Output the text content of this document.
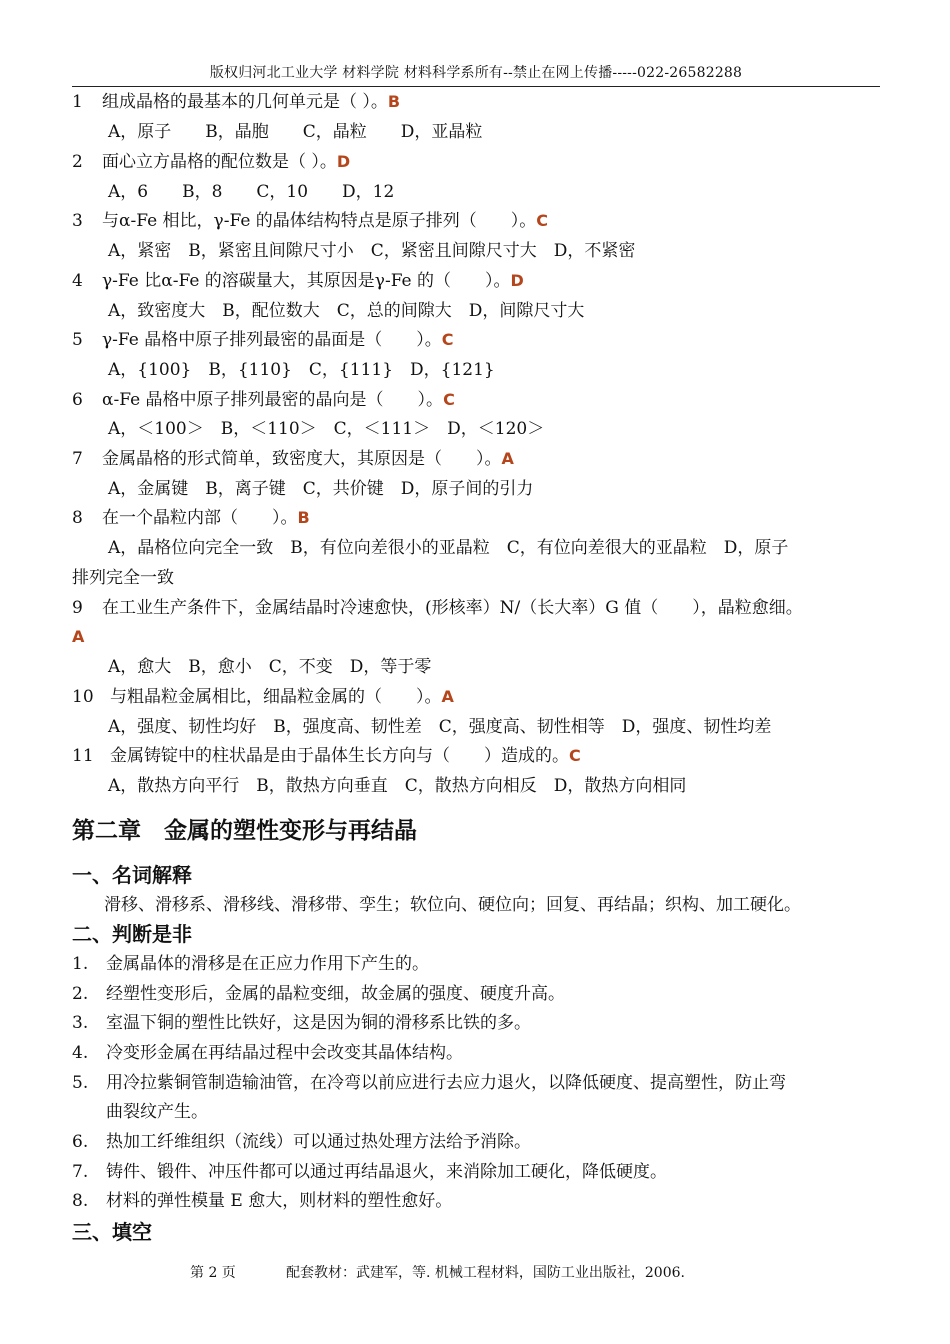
版权归河北工业大学 材料学院 材料科学系所有--禁止在网上传播-----022-26582288
1 组成晶格的最基本的几何单元是（ ）。B
A，原子　　B，晶胞　　C，晶粒　　D，亚晶粒
2 面心立方晶格的配位数是（ ）。D
A，6　　B，8　　C，10　　D，12
3 与α-Fe 相比，γ-Fe 的晶体结构特点是原子排列（　　）。C
A，紧密　B，紧密且间隙尺寸小　C，紧密且间隙尺寸大　D，不紧密
4 γ-Fe 比α-Fe 的溶碳量大，其原因是γ-Fe 的（　　）。D
A，致密度大　B，配位数大　C，总的间隙大　D，间隙尺寸大
5 γ-Fe 晶格中原子排列最密的晶面是（　　）。C
A，{100}　B，{110}　C，{111}　D，{121}
6 α-Fe 晶格中原子排列最密的晶向是（　　）。C
A，＜100＞　B，＜110＞　C，＜111＞　D，＜120＞
7 金属晶格的形式简单，致密度大，其原因是（　　）。A
A，金属键　B，离子键　C，共价键　D，原子间的引力
8 在一个晶粒内部（　　）。B
A，晶格位向完全一致　B，有位向差很小的亚晶粒　C，有位向差很大的亚晶粒　D，原子
排列完全一致
9 在工业生产条件下，金属结晶时冷速愈快，(形核率）N/（长大率）G 值（　　），晶粒愈细。
A
A，愈大　B，愈小　C，不变　D，等于零
10 与粗晶粒金属相比，细晶粒金属的（　　）。A
A，强度、韧性均好　B，强度高、韧性差　C，强度高、韧性相等　D，强度、韧性均差
11 金属铸锭中的柱状晶是由于晶体生长方向与（　　）造成的。C
A，散热方向平行　B，散热方向垂直　C，散热方向相反　D，散热方向相同
第二章　金属的塑性变形与再结晶
一、名词解释
滑移、滑移系、滑移线、滑移带、孪生；软位向、硬位向；回复、再结晶；织构、加工硬化。
二、判断是非
1. 金属晶体的滑移是在正应力作用下产生的。
2. 经塑性变形后，金属的晶粒变细，故金属的强度、硬度升高。
3. 室温下铜的塑性比铁好，这是因为铜的滑移系比铁的多。
4. 冷变形金属在再结晶过程中会改变其晶体结构。
5. 用冷拉紫铜管制造输油管，在冷弯以前应进行去应力退火，以降低硬度、提高塑性，防止弯
曲裂纹产生。
6. 热加工纤维组织（流线）可以通过热处理方法给予消除。
7. 铸件、锻件、冲压件都可以通过再结晶退火，来消除加工硬化，降低硬度。
8. 材料的弹性模量 E 愈大，则材料的塑性愈好。
三、填空
第 2 页	配套教材：武建军，等. 机械工程材料，国防工业出版社，2006.
